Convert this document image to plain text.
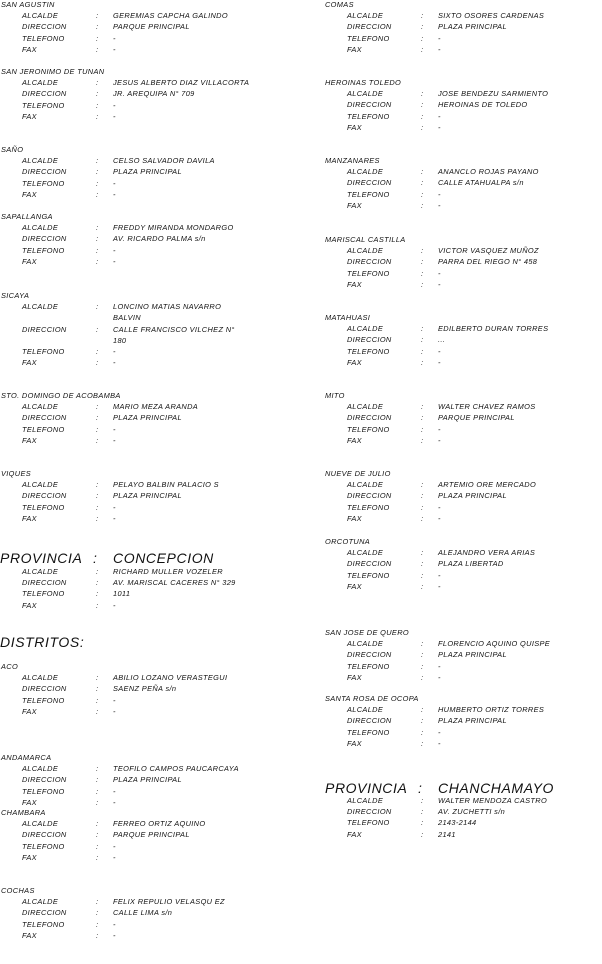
SAN AGUSTIN
ALCALDE	: GEREMIAS CAPCHA GALINDO
DIRECCION	: PARQUE PRINCIPAL
TELEFONO	: -
FAX	: -
SAN JERONIMO DE TUNAN
ALCALDE	: JESUS ALBERTO DIAZ VILLACORTA
DIRECCION	: JR. AREQUIPA N° 709
TELEFONO	: -
FAX	: -
SAÑO
ALCALDE	: CELSO SALVADOR DAVILA
DIRECCION	: PLAZA PRINCIPAL
TELEFONO	: -
FAX	: -
SAPALLANGA
ALCALDE	: FREDDY MIRANDA MONDARGO
DIRECCION	: AV. RICARDO PALMA s/n
TELEFONO	: -
FAX	: -
SICAYA
ALCALDE	: LONCINO MATIAS NAVARRO
BALVIN
DIRECCION	: CALLE FRANCISCO VILCHEZ N°
180
TELEFONO	: -
FAX	: -
STO. DOMINGO DE ACOBAMBA
ALCALDE	: MARIO MEZA ARANDA
DIRECCION	: PLAZA PRINCIPAL
TELEFONO	: -
FAX	: -
VIQUES
ALCALDE	: PELAYO BALBIN PALACIO S
DIRECCION	: PLAZA PRINCIPAL
TELEFONO	: -
FAX	: -
PROVINCIA : CONCEPCION
ALCALDE	: RICHARD MULLER VOZELER
DIRECCION	: AV. MARISCAL CACERES N° 329
TELEFONO	: 1011
FAX	: -
DISTRITOS:
ACO
ALCALDE	: ABILIO LOZANO VERASTEGUI
DIRECCION	: SAENZ PEÑA s/n
TELEFONO	: -
FAX	: -
ANDAMARCA
ALCALDE	: TEOFILO CAMPOS PAUCARCAYA
DIRECCION	: PLAZA PRINCIPAL
TELEFONO	: -
FAX	: -
CHAMBARA
ALCALDE	: FERREO ORTIZ AQUINO
DIRECCION	: PARQUE PRINCIPAL
TELEFONO	: -
FAX	: -
COCHAS
ALCALDE	: FELIX REPULIO VELASQU EZ
DIRECCION	: CALLE LIMA s/n
TELEFONO	: -
FAX	: -
COMAS
ALCALDE	: SIXTO OSORES CARDENAS
DIRECCION	: PLAZA PRINCIPAL
TELEFONO	: -
FAX	: -
HEROINAS TOLEDO
ALCALDE	: JOSE BENDEZU SARMIENTO
DIRECCION	: HEROINAS DE TOLEDO
TELEFONO	: -
FAX	: -
MANZANARES
ALCALDE	: ANANCLO ROJAS PAYANO
DIRECCION	: CALLE ATAHUALPA s/n
TELEFONO	: -
FAX	: -
MARISCAL CASTILLA
ALCALDE	: VICTOR VASQUEZ MUÑOZ
DIRECCION	: PARRA DEL RIEGO N° 458
TELEFONO	: -
FAX	: -
MATAHUASI
ALCALDE	: EDILBERTO DURAN TORRES
DIRECCION	: ...
TELEFONO	: -
FAX	: -
MITO
ALCALDE	: WALTER CHAVEZ RAMOS
DIRECCION	: PARQUE PRINCIPAL
TELEFONO	: -
FAX	: -
NUEVE DE JULIO
ALCALDE	: ARTEMIO ORE MERCADO
DIRECCION	: PLAZA PRINCIPAL
TELEFONO	: -
FAX	: -
ORCOTUNA
ALCALDE	: ALEJANDRO VERA ARIAS
DIRECCION	: PLAZA LIBERTAD
TELEFONO	: -
FAX	: -
SAN JOSE DE QUERO
ALCALDE	: FLORENCIO AQUINO QUISPE
DIRECCION	: PLAZA PRINCIPAL
TELEFONO	: -
FAX	: -
SANTA ROSA DE OCOPA
ALCALDE	: HUMBERTO ORTIZ TORRES
DIRECCION	: PLAZA PRINCIPAL
TELEFONO	: -
FAX	: -
PROVINCIA : CHANCHAMAYO
ALCALDE	: WALTER MENDOZA CASTRO
DIRECCION	: AV. ZUCHETTI s/n
TELEFONO	: 2143-2144
FAX	: 2141
